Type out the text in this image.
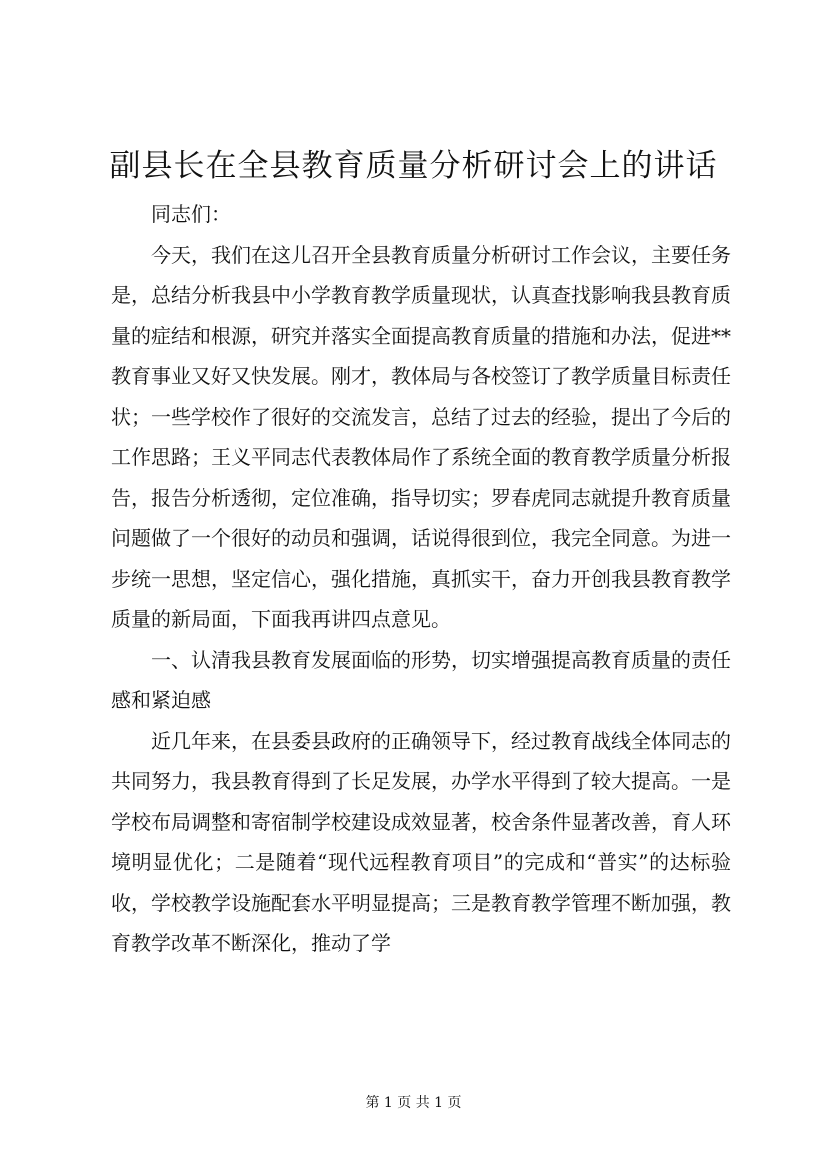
副县长在全县教育质量分析研讨会上的讲话

同志们：

今天，我们在这儿召开全县教育质量分析研讨工作会议，主要任务是，总结分析我县中小学教育教学质量现状，认真查找影响我县教育质量的症结和根源，研究并落实全面提高教育质量的措施和办法，促进**教育事业又好又快发展。刚才，教体局与各校签订了教学质量目标责任状；一些学校作了很好的交流发言，总结了过去的经验，提出了今后的工作思路；王义平同志代表教体局作了系统全面的教育教学质量分析报告，报告分析透彻，定位准确，指导切实；罗春虎同志就提升教育质量问题做了一个很好的动员和强调，话说得很到位，我完全同意。为进一步统一思想，坚定信心，强化措施，真抓实干，奋力开创我县教育教学质量的新局面，下面我再讲四点意见。

一、认清我县教育发展面临的形势，切实增强提高教育质量的责任感和紧迫感

近几年来，在县委县政府的正确领导下，经过教育战线全体同志的共同努力，我县教育得到了长足发展，办学水平得到了较大提高。一是学校布局调整和寄宿制学校建设成效显著，校舍条件显著改善，育人环境明显优化；二是随着“现代远程教育项目”的完成和“普实”的达标验收，学校教学设施配套水平明显提高；三是教育教学管理不断加强，教育教学改革不断深化，推动了学

第 1 页 共 1 页
